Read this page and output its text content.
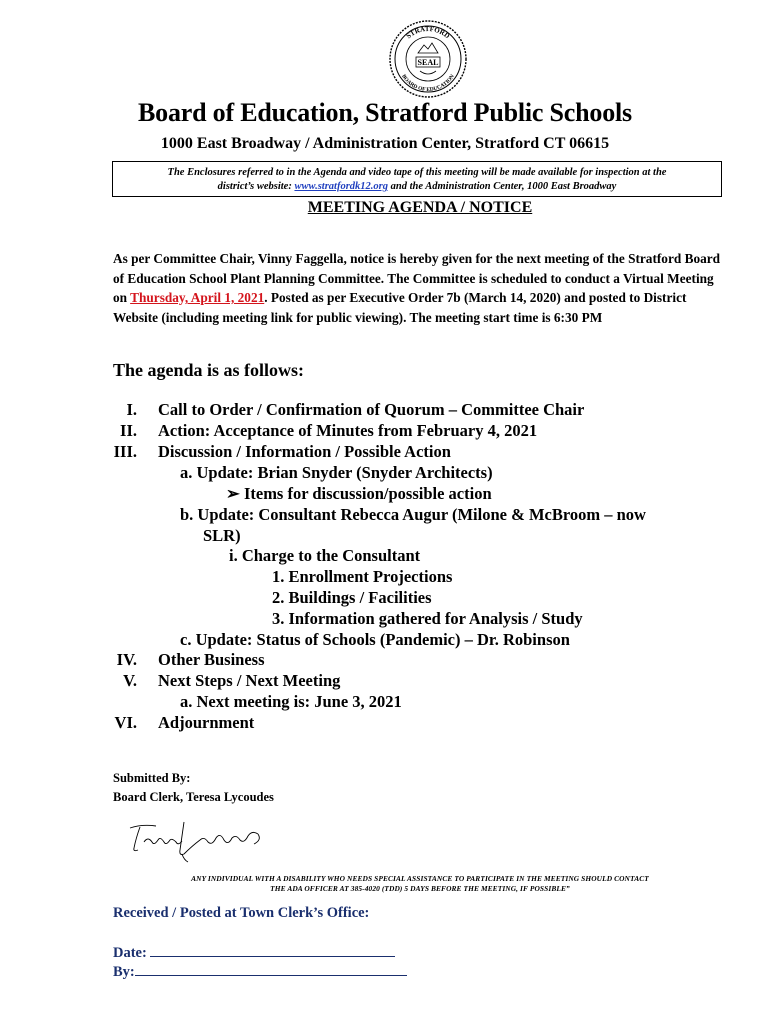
STRATFORD
BOARD OF EDUCATION
SEAL
Board of Education, Stratford Public Schools
1000 East Broadway / Administration Center, Stratford CT 06615
The Enclosures referred to in the Agenda and video tape of this meeting will be made available for inspection at the
district’s website: www.stratfordk12.org and the Administration Center, 1000 East Broadway
MEETING AGENDA / NOTICE
As per Committee Chair, Vinny Faggella, notice is hereby given for the next meeting of the Stratford Board of Education School Plant Planning Committee. The Committee is scheduled to conduct a Virtual Meeting on Thursday, April 1, 2021. Posted as per Executive Order 7b (March 14, 2020) and posted to District Website (including meeting link for public viewing). The meeting start time is 6:30 PM
The agenda is as follows:
I. Call to Order / Confirmation of Quorum – Committee Chair
II. Action: Acceptance of Minutes from February 4, 2021
III. Discussion / Information / Possible Action
a. Update: Brian Snyder (Snyder Architects)
➢ Items for discussion/possible action
b. Update: Consultant Rebecca Augur (Milone & McBroom – now
SLR)
i. Charge to the Consultant
1. Enrollment Projections
2. Buildings / Facilities
3. Information gathered for Analysis / Study
c. Update: Status of Schools (Pandemic) – Dr. Robinson
IV. Other Business
V. Next Steps / Next Meeting
a. Next meeting is: June 3, 2021
VI. Adjournment
Submitted By:
Board Clerk, Teresa Lycoudes
ANY INDIVIDUAL WITH A DISABILITY WHO NEEDS SPECIAL ASSISTANCE TO PARTICIPATE IN THE MEETING SHOULD CONTACT
THE ADA OFFICER AT 385-4020 (TDD) 5 DAYS BEFORE THE MEETING, IF POSSIBLE”
Received / Posted at Town Clerk’s Office:
Date:
By:
